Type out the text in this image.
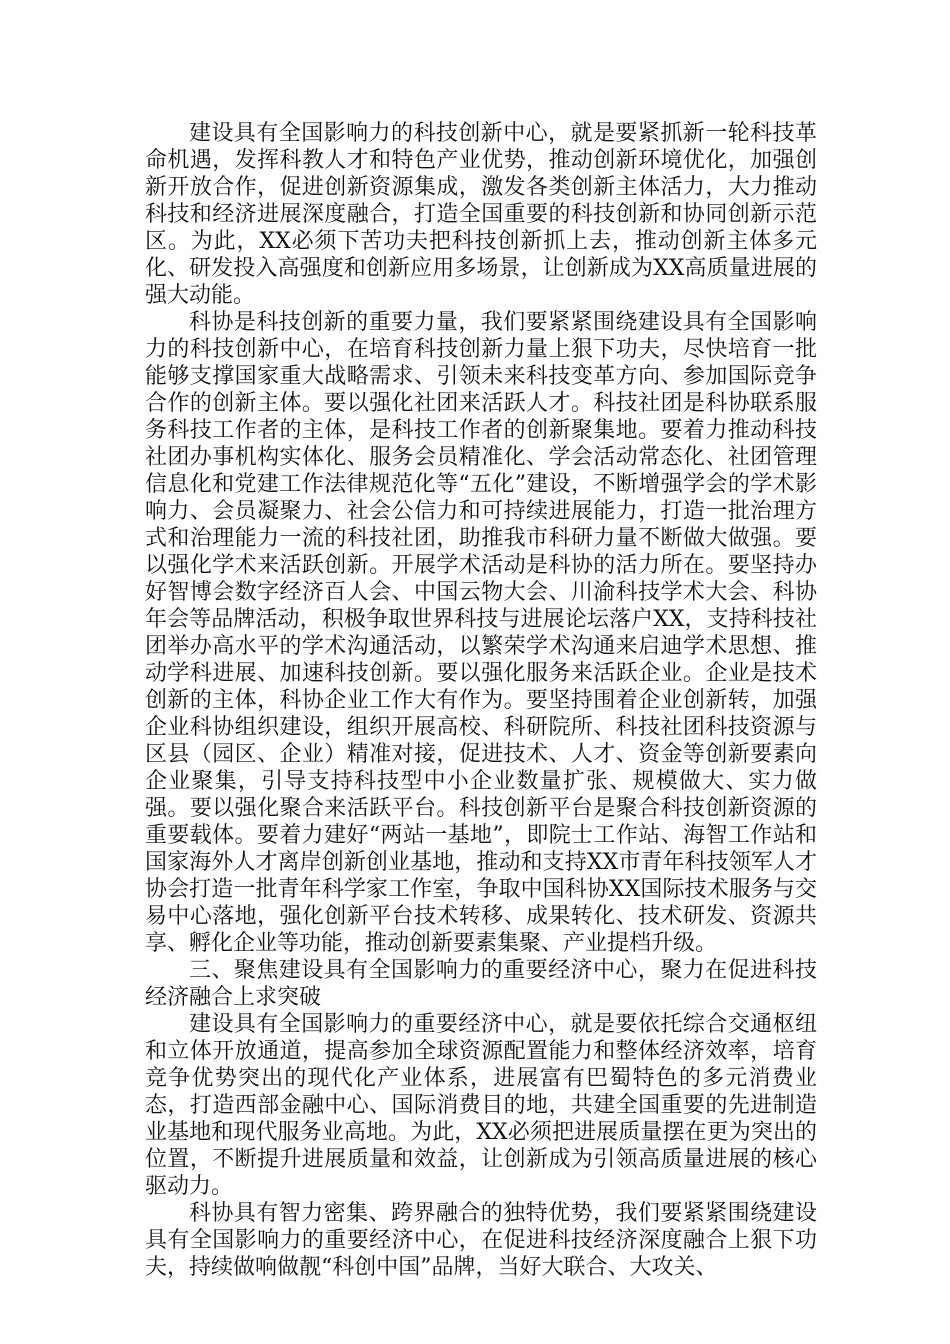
建设具有全国影响力的科技创新中心，就是要紧抓新一轮科技革命机遇，发挥科教人才和特色产业优势，推动创新环境优化，加强创新开放合作，促进创新资源集成，激发各类创新主体活力，大力推动科技和经济进展深度融合，打造全国重要的科技创新和协同创新示范区。为此，XX必须下苦功夫把科技创新抓上去，推动创新主体多元化、研发投入高强度和创新应用多场景，让创新成为XX高质量进展的强大动能。

科协是科技创新的重要力量，我们要紧紧围绕建设具有全国影响力的科技创新中心，在培育科技创新力量上狠下功夫，尽快培育一批能够支撑国家重大战略需求、引领未来科技变革方向、参加国际竞争合作的创新主体。要以强化社团来活跃人才。科技社团是科协联系服务科技工作者的主体，是科技工作者的创新聚集地。要着力推动科技社团办事机构实体化、服务会员精准化、学会活动常态化、社团管理信息化和党建工作法律规范化等“五化”建设，不断增强学会的学术影响力、会员凝聚力、社会公信力和可持续进展能力，打造一批治理方式和治理能力一流的科技社团，助推我市科研力量不断做大做强。要以强化学术来活跃创新。开展学术活动是科协的活力所在。要坚持办好智博会数字经济百人会、中国云物大会、川渝科技学术大会、科协年会等品牌活动，积极争取世界科技与进展论坛落户XX，支持科技社团举办高水平的学术沟通活动，以繁荣学术沟通来启迪学术思想、推动学科进展、加速科技创新。要以强化服务来活跃企业。企业是技术创新的主体，科协企业工作大有作为。要坚持围着企业创新转，加强企业科协组织建设，组织开展高校、科研院所、科技社团科技资源与区县（园区、企业）精准对接，促进技术、人才、资金等创新要素向企业聚集，引导支持科技型中小企业数量扩张、规模做大、实力做强。要以强化聚合来活跃平台。科技创新平台是聚合科技创新资源的重要载体。要着力建好“两站一基地”，即院士工作站、海智工作站和国家海外人才离岸创新创业基地，推动和支持XX市青年科技领军人才协会打造一批青年科学家工作室，争取中国科协XX国际技术服务与交易中心落地，强化创新平台技术转移、成果转化、技术研发、资源共享、孵化企业等功能，推动创新要素集聚、产业提档升级。

三、聚焦建设具有全国影响力的重要经济中心，聚力在促进科技经济融合上求突破

建设具有全国影响力的重要经济中心，就是要依托综合交通枢纽和立体开放通道，提高参加全球资源配置能力和整体经济效率，培育竞争优势突出的现代化产业体系，进展富有巴蜀特色的多元消费业态，打造西部金融中心、国际消费目的地，共建全国重要的先进制造业基地和现代服务业高地。为此，XX必须把进展质量摆在更为突出的位置，不断提升进展质量和效益，让创新成为引领高质量进展的核心驱动力。

科协具有智力密集、跨界融合的独特优势，我们要紧紧围绕建设具有全国影响力的重要经济中心，在促进科技经济深度融合上狠下功夫，持续做响做靓“科创中国”品牌，当好大联合、大攻关、
